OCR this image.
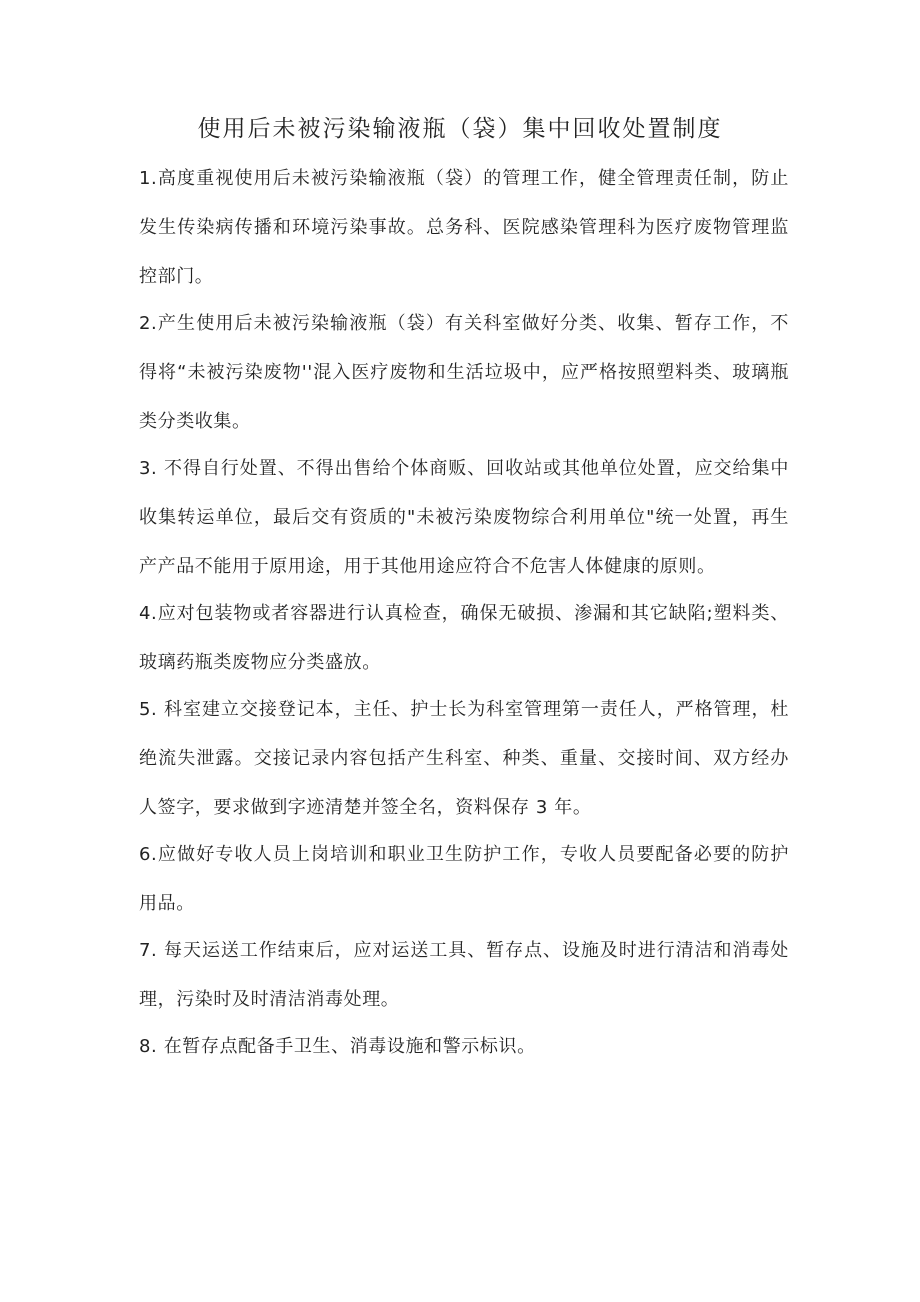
使用后未被污染输液瓶（袋）集中回收处置制度

1.高度重视使用后未被污染输液瓶（袋）的管理工作，健全管理责任制，防止发生传染病传播和环境污染事故。总务科、医院感染管理科为医疗废物管理监控部门。

2.产生使用后未被污染输液瓶（袋）有关科室做好分类、收集、暂存工作，不得将“未被污染废物''混入医疗废物和生活垃圾中，应严格按照塑料类、玻璃瓶类分类收集。

3. 不得自行处置、不得出售给个体商贩、回收站或其他单位处置，应交给集中收集转运单位，最后交有资质的"未被污染废物综合利用单位"统一处置，再生产产品不能用于原用途，用于其他用途应符合不危害人体健康的原则。

4.应对包装物或者容器进行认真检查，确保无破损、渗漏和其它缺陷;塑料类、玻璃药瓶类废物应分类盛放。

5. 科室建立交接登记本，主任、护士长为科室管理第一责任人，严格管理，杜绝流失泄露。交接记录内容包括产生科室、种类、重量、交接时间、双方经办人签字，要求做到字迹清楚并签全名，资料保存 3 年。

6.应做好专收人员上岗培训和职业卫生防护工作，专收人员要配备必要的防护用品。

7. 每天运送工作结束后，应对运送工具、暂存点、设施及时进行清洁和消毒处理，污染时及时清洁消毒处理。

8. 在暂存点配备手卫生、消毒设施和警示标识。
